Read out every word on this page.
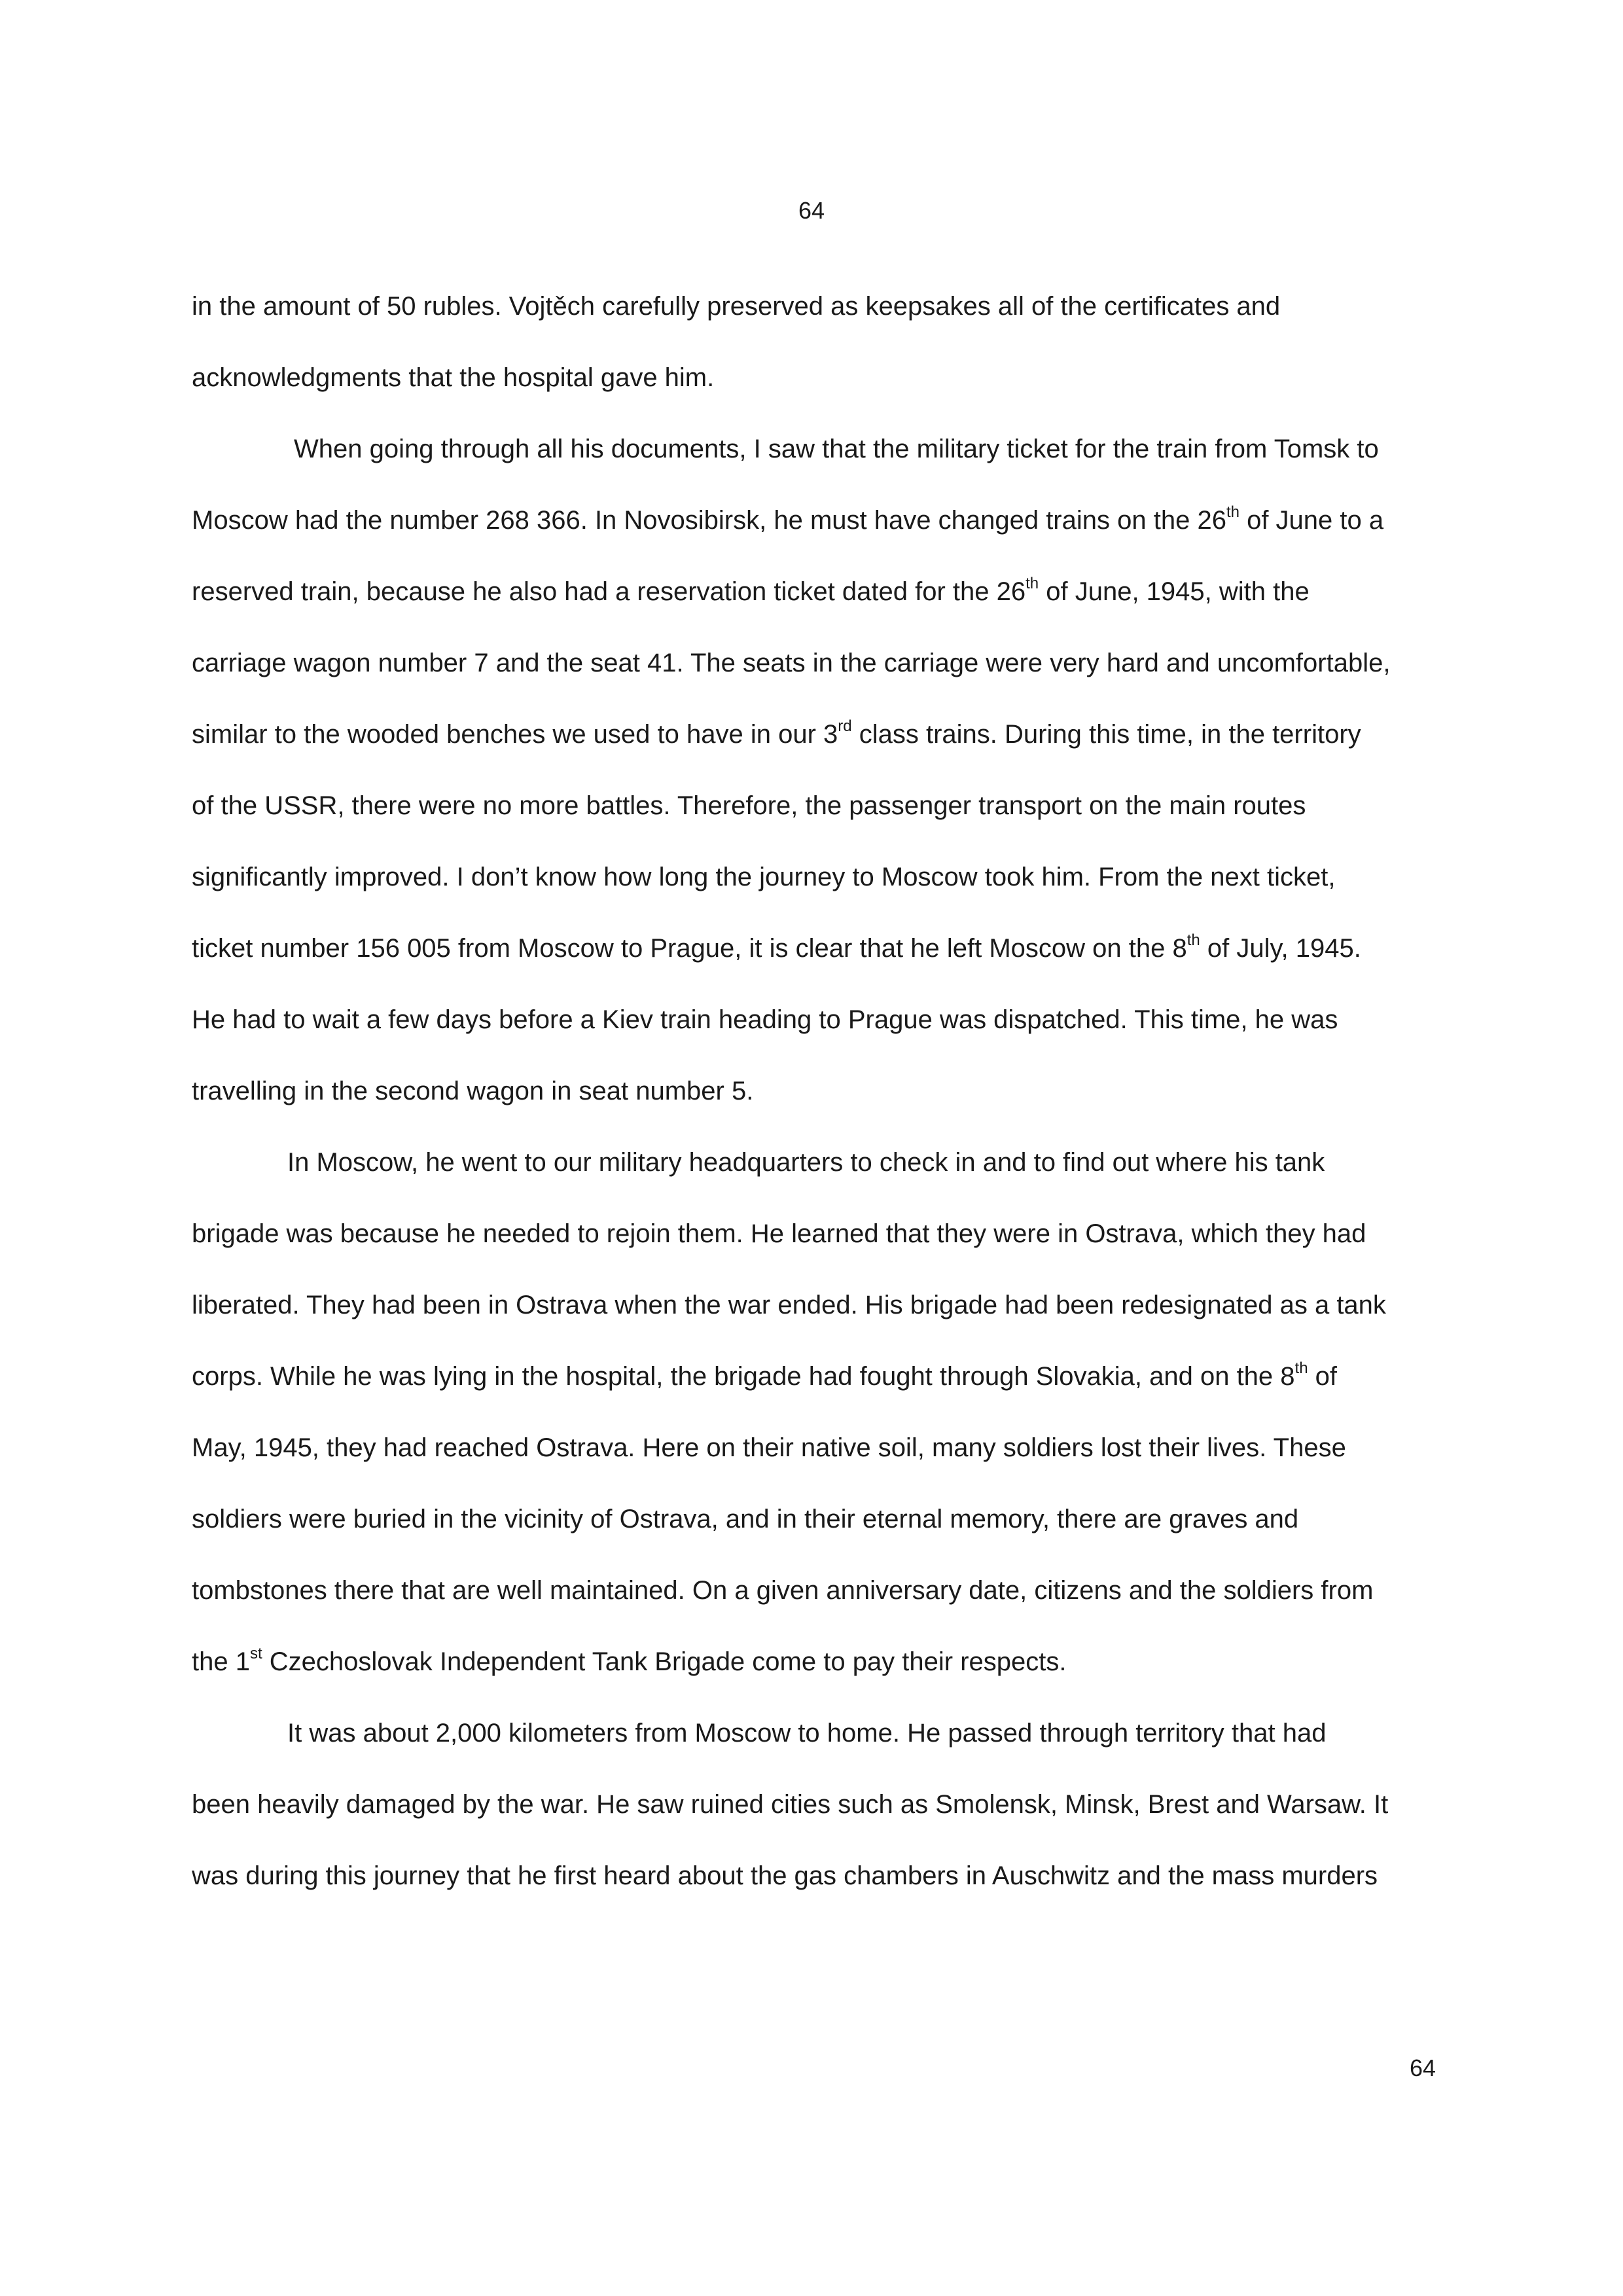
64
in the amount of 50 rubles. Vojtěch carefully preserved as keepsakes all of the certificates and
acknowledgments that the hospital gave him.
When going through all his documents, I saw that the military ticket for the train from Tomsk to
Moscow had the number 268 366. In Novosibirsk, he must have changed trains on the 26th of June to a
reserved train, because he also had a reservation ticket dated for the 26th of June, 1945, with the
carriage wagon number 7 and the seat 41. The seats in the carriage were very hard and uncomfortable,
similar to the wooded benches we used to have in our 3rd class trains. During this time, in the territory
of the USSR, there were no more battles. Therefore, the passenger transport on the main routes
significantly improved. I don’t know how long the journey to Moscow took him. From the next ticket,
ticket number 156 005 from Moscow to Prague, it is clear that he left Moscow on the 8th of July, 1945.
He had to wait a few days before a Kiev train heading to Prague was dispatched. This time, he was
travelling in the second wagon in seat number 5.
In Moscow, he went to our military headquarters to check in and to find out where his tank
brigade was because he needed to rejoin them. He learned that they were in Ostrava, which they had
liberated. They had been in Ostrava when the war ended. His brigade had been redesignated as a tank
corps. While he was lying in the hospital, the brigade had fought through Slovakia, and on the 8th of
May, 1945, they had reached Ostrava. Here on their native soil, many soldiers lost their lives. These
soldiers were buried in the vicinity of Ostrava, and in their eternal memory, there are graves and
tombstones there that are well maintained. On a given anniversary date, citizens and the soldiers from
the 1st Czechoslovak Independent Tank Brigade come to pay their respects.
It was about 2,000 kilometers from Moscow to home. He passed through territory that had
been heavily damaged by the war. He saw ruined cities such as Smolensk, Minsk, Brest and Warsaw. It
was during this journey that he first heard about the gas chambers in Auschwitz and the mass murders
64
